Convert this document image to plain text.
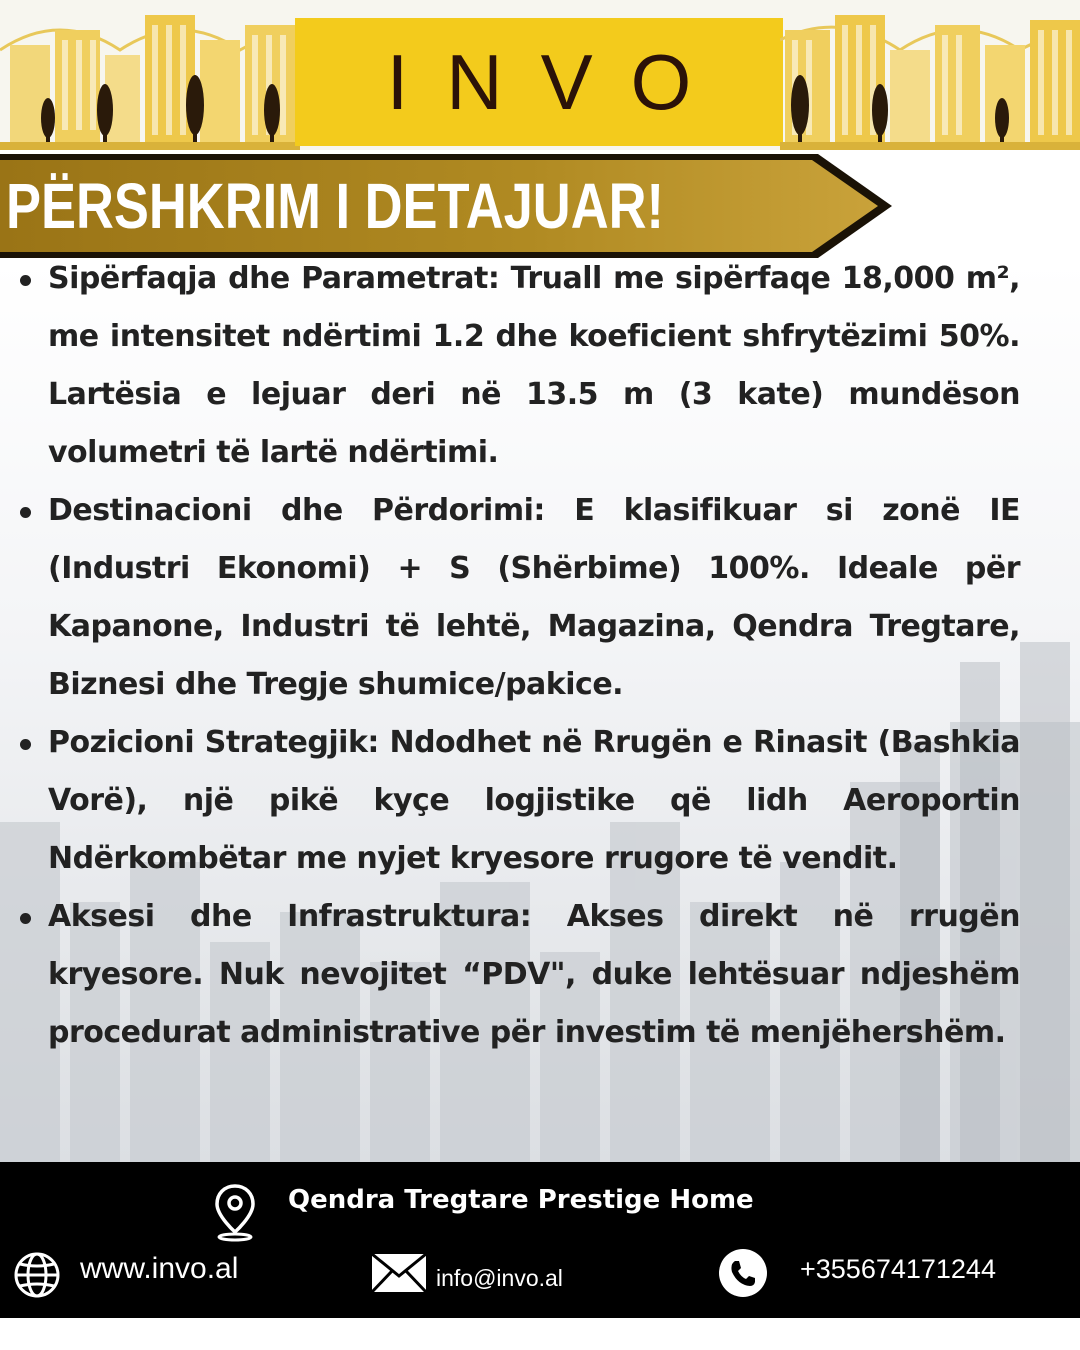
INVO
PËRSHKRIM I DETAJUAR!
Sipërfaqja dhe Parametrat: Truall me sipërfaqe 18,000 m², me intensitet ndërtimi 1.2 dhe koeficient shfrytëzimi 50%. Lartësia e lejuar deri në 13.5 m (3 kate) mundëson volumetri të lartë ndërtimi.
Destinacioni dhe Përdorimi: E klasifikuar si zonë IE (Industri Ekonomi) + S (Shërbime) 100%. Ideale për Kapanone, Industri të lehtë, Magazina, Qendra Tregtare, Biznesi dhe Tregje shumice/pakice.
Pozicioni Strategjik: Ndodhet në Rrugën e Rinasit (Bashkia Vorë), një pikë kyçe logjistike që lidh Aeroportin Ndërkombëtar me nyjet kryesore rrugore të vendit.
Aksesi dhe Infrastruktura: Akses direkt në rrugën kryesore. Nuk nevojitet “PDV", duke lehtësuar ndjeshëm procedurat administrative për investim të menjëhershëm.
Qendra Tregtare Prestige Home
www.invo.al	info@invo.al	+355674171244
